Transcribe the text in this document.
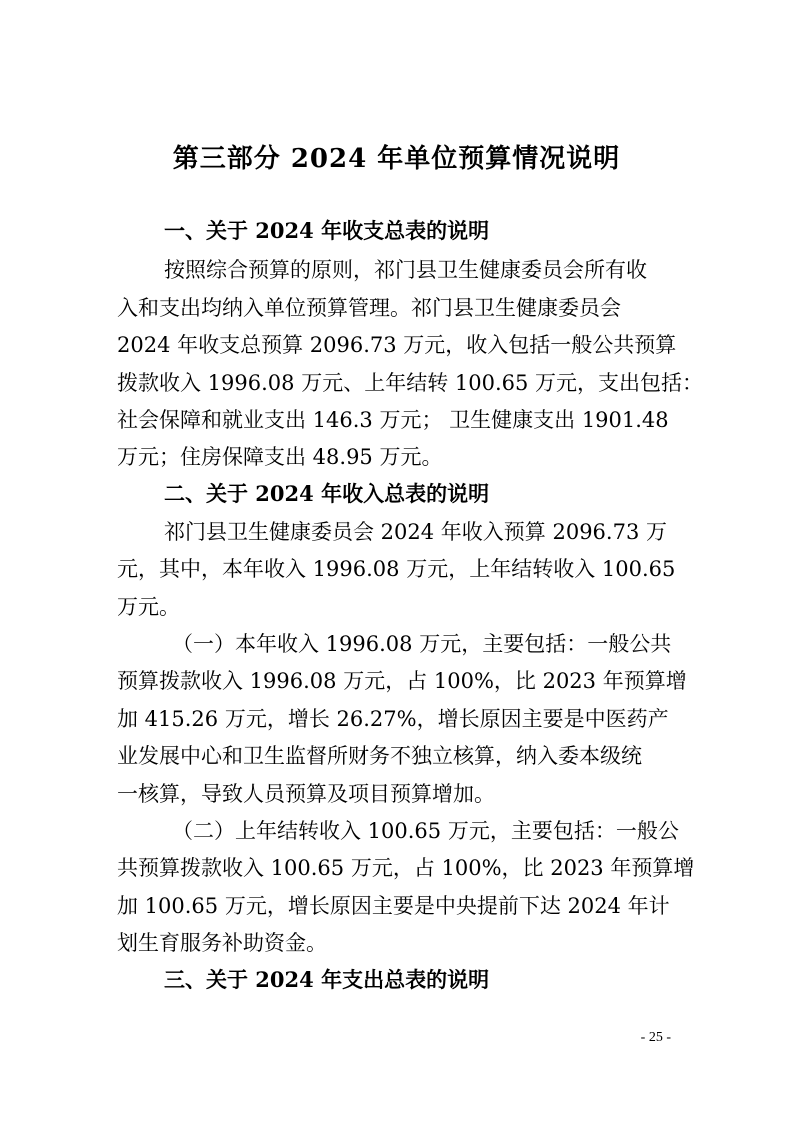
第三部分 2024 年单位预算情况说明
一、关于 2024 年收支总表的说明
按照综合预算的原则，祁门县卫生健康委员会所有收
入和支出均纳入单位预算管理。祁门县卫生健康委员会
2024 年收支总预算 2096.73 万元，收入包括一般公共预算
拨款收入 1996.08 万元、上年结转 100.65 万元，支出包括：
社会保障和就业支出 146.3 万元； 卫生健康支出 1901.48
万元；住房保障支出 48.95 万元。
二、关于 2024 年收入总表的说明
祁门县卫生健康委员会 2024 年收入预算 2096.73 万
元，其中，本年收入 1996.08 万元，上年结转收入 100.65
万元。
（一）本年收入 1996.08 万元，主要包括：一般公共
预算拨款收入 1996.08 万元，占 100%，比 2023 年预算增
加 415.26 万元，增长 26.27%，增长原因主要是中医药产
业发展中心和卫生监督所财务不独立核算，纳入委本级统
一核算，导致人员预算及项目预算增加。
（二）上年结转收入 100.65 万元，主要包括：一般公
共预算拨款收入 100.65 万元，占 100%，比 2023 年预算增
加 100.65 万元，增长原因主要是中央提前下达 2024 年计
划生育服务补助资金。
三、关于 2024 年支出总表的说明
- 25 -
